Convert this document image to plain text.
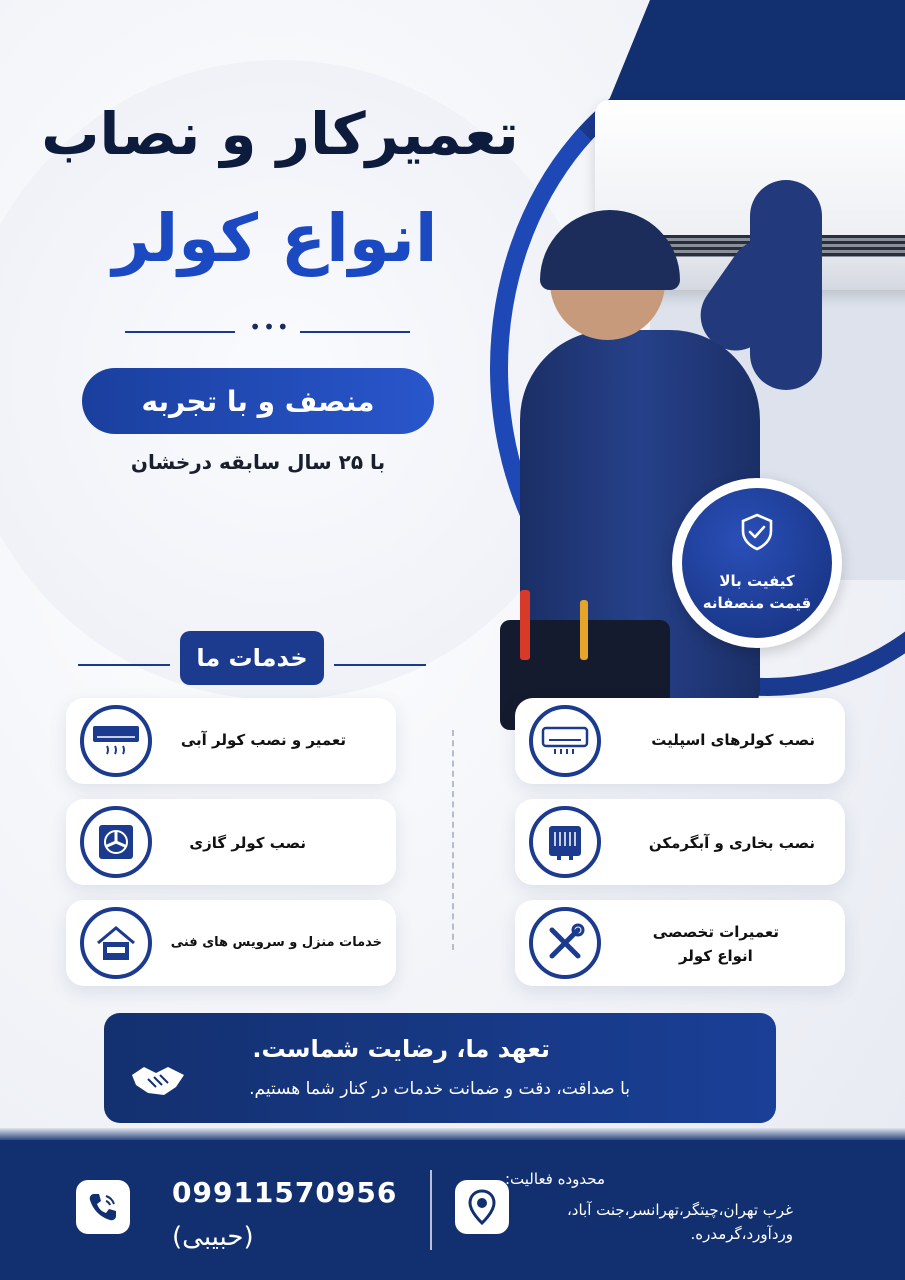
کیفیت بالا
قیمت منصفانه
تعمیرکار و نصاب
انواع کولر
•••
منصف و با تجربه
با ۲۵ سال سابقه درخشان
خدمات ما
نصب کولرهای اسپلیت
نصب بخاری و آبگرمکن
تعمیرات تخصصی
انواع کولر
تعمیر و نصب کولر آبی
نصب کولر گازی
خدمات منزل و سرویس های فنی
تعهد ما، رضایت شماست.
با صداقت، دقت و ضمانت خدمات در کنار شما هستیم.
09911570956
(حبیبی)
محدوده فعالیت:
غرب تهران،چیتگر،تهرانسر،جنت آباد، وردآورد،گرمدره.
